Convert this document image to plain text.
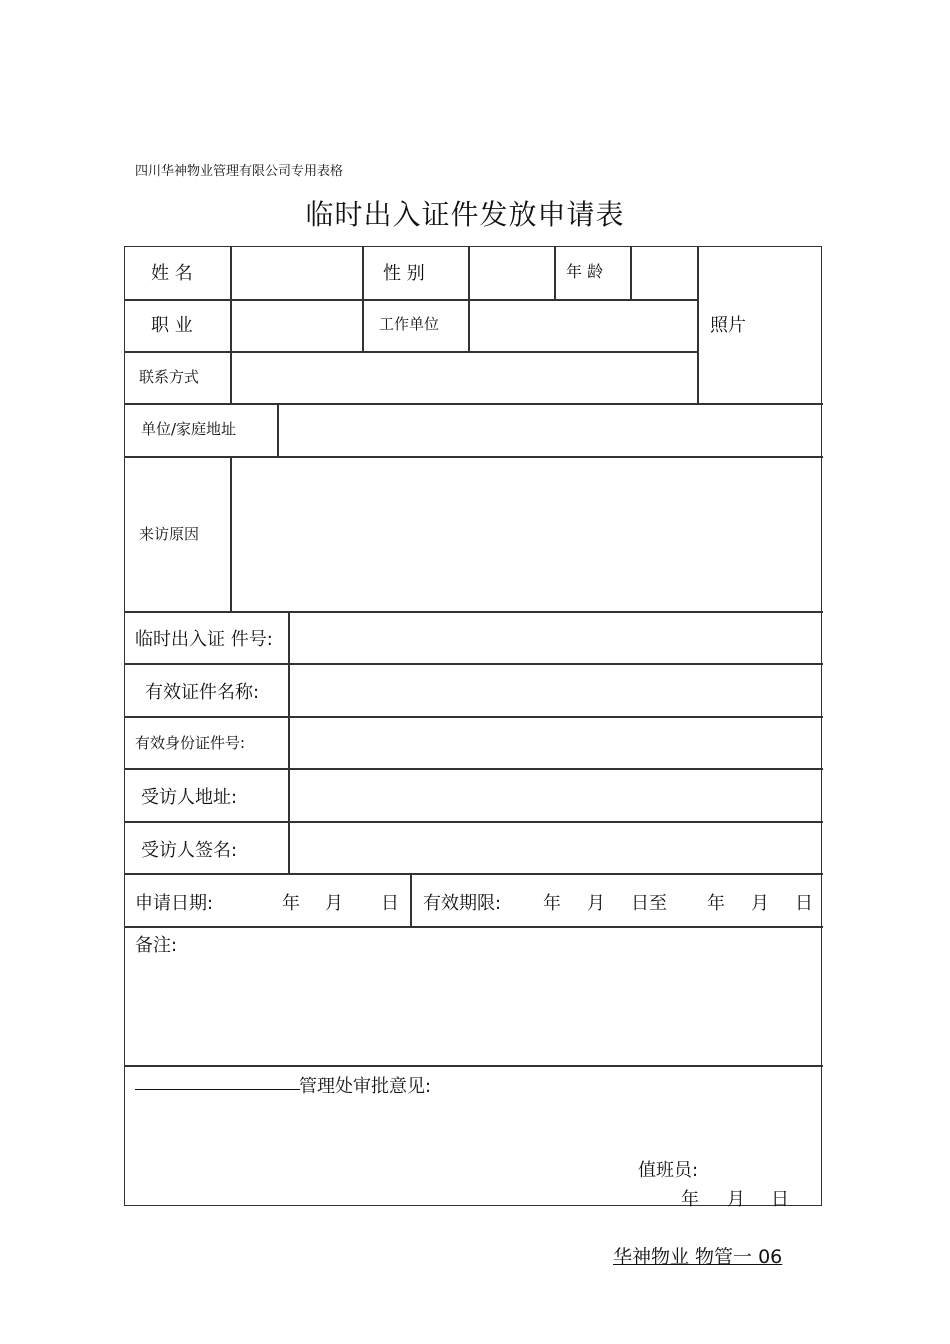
四川华神物业管理有限公司专用表格
临时出入证件发放申请表
姓 名	性 别	年 龄
照片
职 业	工作单位
联系方式
单位/家庭地址
来访原因
临时出入证 件号:
有效证件名称:
有效身份证件号:
受访人地址:
受访人签名:
申请日期:	年 月 日 有效期限: 年 月 日至 年 月 日
备注:
管理处审批意见:
值班员:
年 月 日
华神物业 物管一 06
